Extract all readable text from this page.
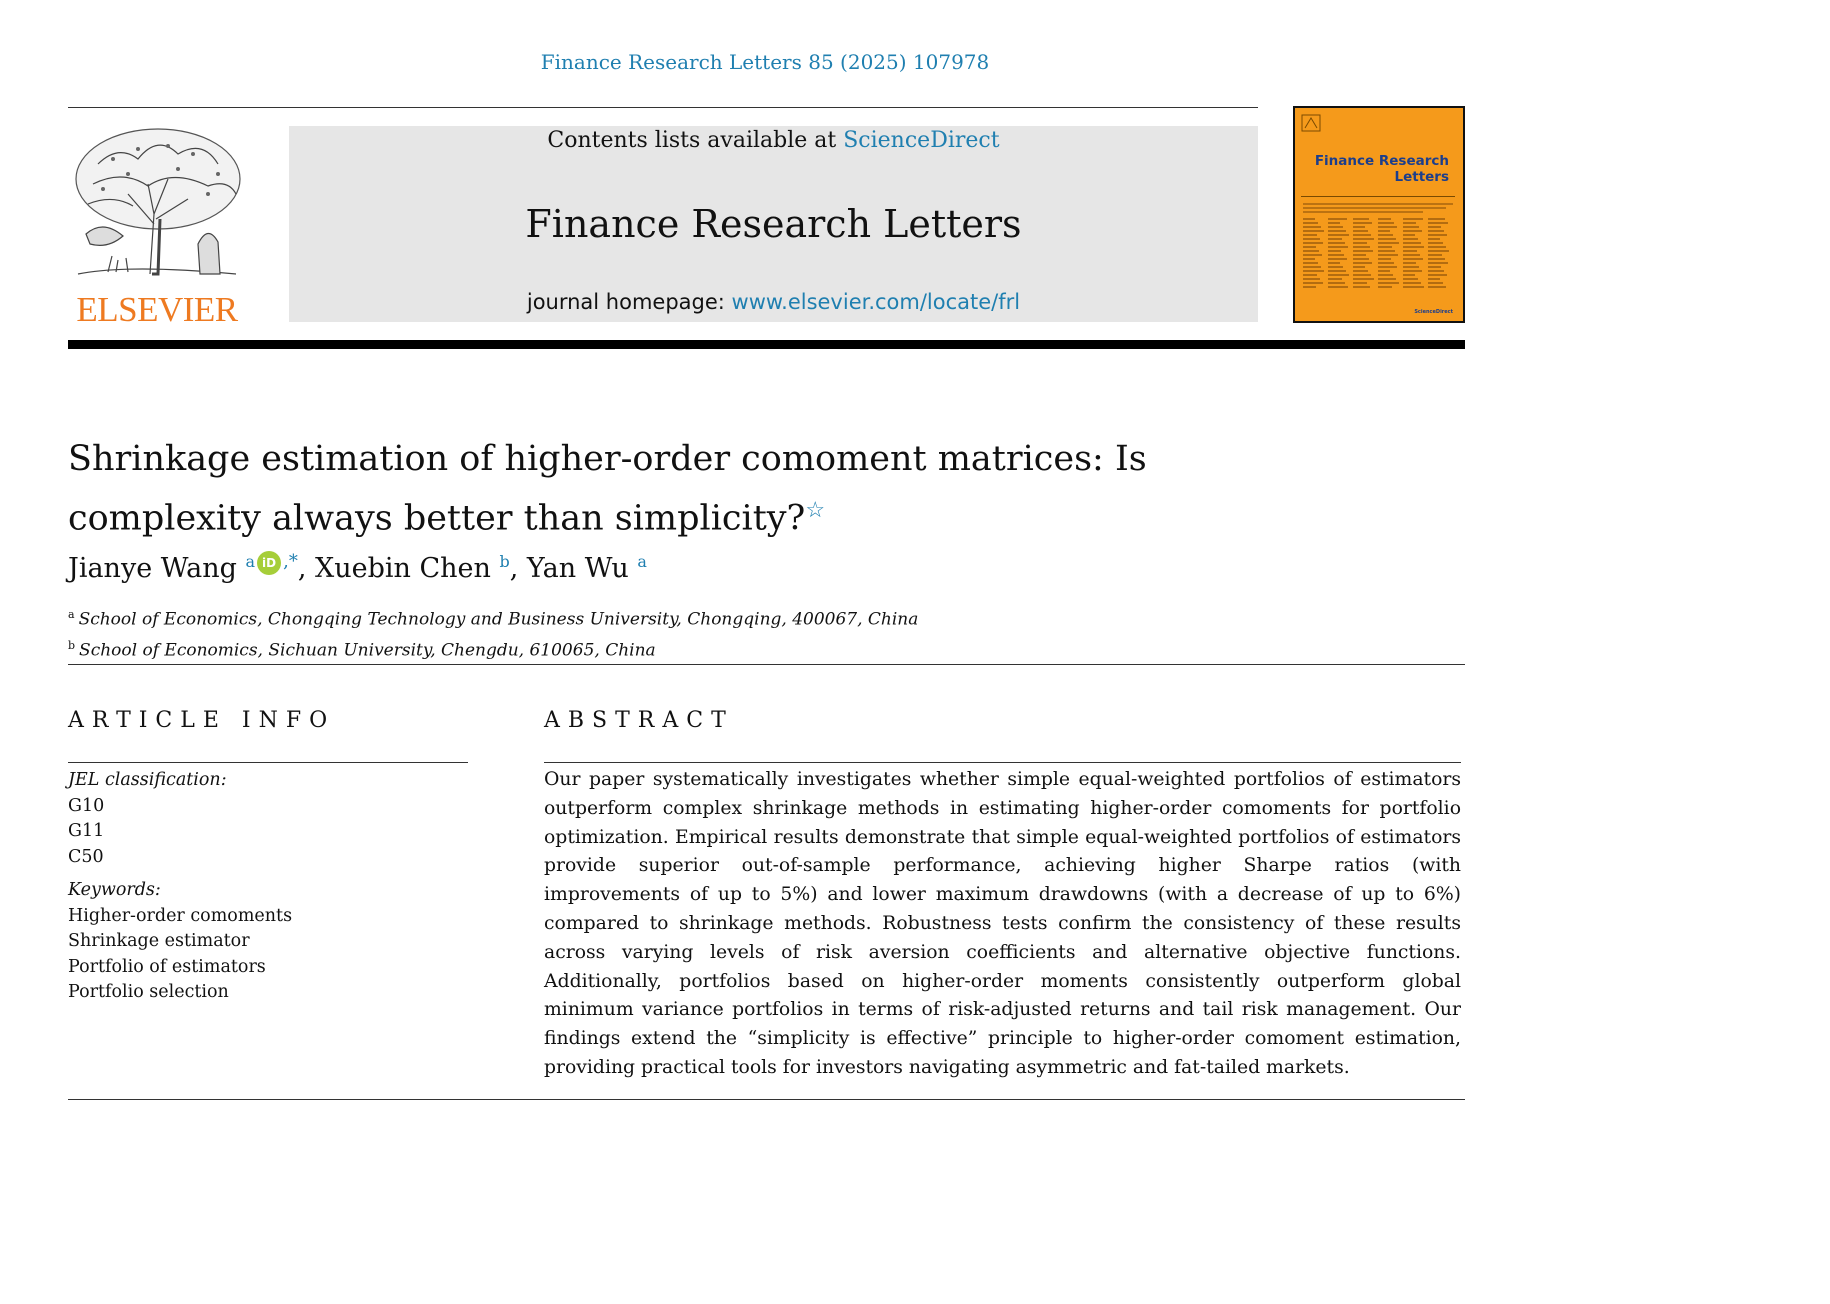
Finance Research Letters 85 (2025) 107978
ELSEVIER
Contents lists available at ScienceDirect
Finance Research Letters
journal homepage: www.elsevier.com/locate/frl
Finance Research
Letters
ScienceDirect
Shrinkage estimation of higher-order comoment matrices: Is
complexity always better than simplicity?☆
Jianye Wang $^a$ iD ,*, Xuebin Chen $^b$, Yan Wu $^a$
$^a$ School of Economics, Chongqing Technology and Business University, Chongqing, 400067, China
$^b$ School of Economics, Sichuan University, Chengdu, 610065, China
ARTICLE INFO
JEL classification:
G10
G11
C50
Keywords:
Higher-order comoments
Shrinkage estimator
Portfolio of estimators
Portfolio selection
ABSTRACT
Our paper systematically investigates whether simple equal-weighted portfolios of estimators outperform complex shrinkage methods in estimating higher-order comoments for portfolio optimization. Empirical results demonstrate that simple equal-weighted portfolios of estimators provide superior out-of-sample performance, achieving higher Sharpe ratios (with improvements of up to 5%) and lower maximum drawdowns (with a decrease of up to 6%) compared to shrinkage methods. Robustness tests confirm the consistency of these results across varying levels of risk aversion coefficients and alternative objective functions. Additionally, portfolios based on higher-order moments consistently outperform global minimum variance portfolios in terms of risk-adjusted returns and tail risk management. Our findings extend the “simplicity is effective” principle to higher-order comoment estimation, providing practical tools for investors navigating asymmetric and fat-tailed markets.
